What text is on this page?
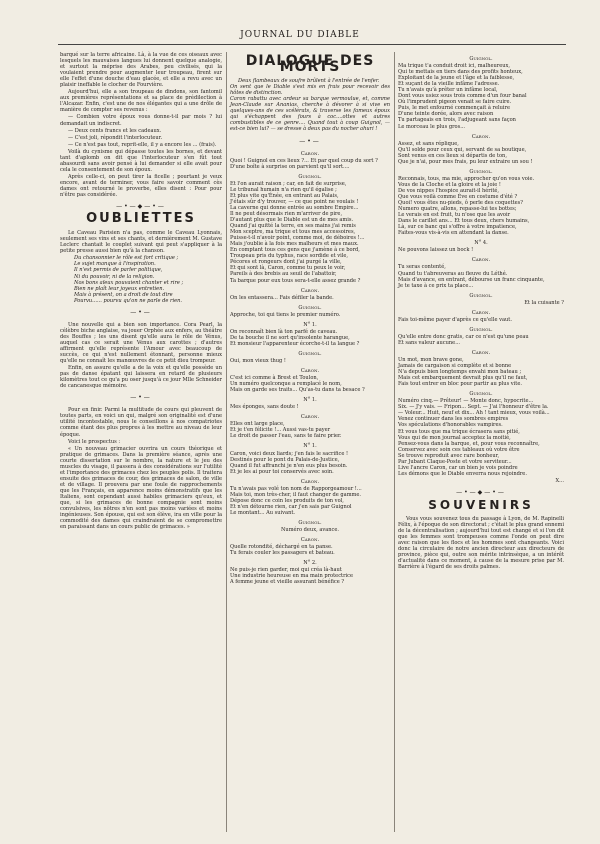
JOURNAL DU DIABLE

barqué sur la terre africaine. Là, à la vue de ces oiseaux avec lesquels les mauvaises langues lui donnent quelque analogie, et surtout la méprise des Arabes, peu civilisés, qui la voulaient prendre pour augmenter leur troupeau, firent sur elle l'effet d'une douche d'eau glacée, et elle a revu avec un plaisir ineffable le clocher de Fourvière.

Aujourd'hui, elle a son troupeau de dindons, son fantomil aux premières représentations et sa place de prédilection à l'Alcazar. Enfin, c'est une de nos élégantes qui a une drôle de manière de compter ses revenus :

— Combien votre époux vous donne-t-il par mois ? lui demandait un indiscret.

— Deux cents francs et les cadeaux.

— C'est joli, répondit l'interlocuteur.

— Ce n'est pas tout, reprit-elle, il y a encore les ... (frais).

Voilà du cynisme qui dépasse toutes les bornes, et devant tant d'aplomb on dit que l'interlocuteur s'en fût tout abasourdi sans avoir pensé à lui demander si elle avait pour cela le consentement de son époux.

Après celle-ci, on peut tirer la ficelle ; pourtant je veux encore, avant de terminer, vous faire savoir comment cès dames ont retourné le proverbe, elles disent : Pour pour n'être pas considérée.

—•—◆—•—
OUBLIETTES

Le Caveau Parisien n'a pas, comme le Caveau Lyonnais, seulement ses vins et ses chants, et dernièrement M. Gustave Leclerc chantait le couplet suivant qui peut s'appliquer à la petite presse aussi bien qu'à la chanson.

Du chansonnier le rôle est fort critique ;

Le sujet manque à l'inspiration.

Il n'est permis de parler politique,

Ni du pouvoir, ni de la religion.

Nos bons aïeux pouvaient chanter et rire ;

Bien ne plaît leur joyeux entretien.

Mais à présent, on a droit de tout dire

Pourvu...... pourvu qu'on ne parle de rien.

—•—

Une nouvelle qui a bien son importance. Cora Pearl, la célèbre biche anglaise, va jouer Orphée aux enfers, au théâtre des Bouffes ; les uns disent qu'elle aura le rôle de Vénus, auquel cas ce serait une Vénus aux carottes ; d'autres affirment qu'elle représente l'Amour avec beaucoup de succès, ce qui n'est nullement étonnant, personne mieux qu'elle ne connaît les manœuvres de ce petit dieu trompeur.

Enfin, on assure qu'elle a de la voix et qu'elle possède un pas de danse épatant qui laissera en retard de plusieurs kilomètres tout ce qu'a pu oser jusqu'à ce jour Mlle Schneider de cancanesque mémoire.

—•—

Pour en finir. Parmi la multitude de cours qui pleuvent de toutes parts, en voici un qui, malgré son originalité est d'une utilité incontestable, nous le conseillons à nos compatriotes comme étant des plus propres à les mettre au niveau de leur époque.

Voici le prospectus :

« Un nouveau grimacier ouvrira un cours théorique et pratique de grimaces. Dans la première séance, après une courte dissertation sur le nombre, la nature et le jeu des muscles du visage, il passera à des considérations sur l'utilité et l'importance des grimaces chez les peuples polis. Il traitera ensuite des grimaces de cour, des grimaces de salon, de ville et de village. Il prouvera par une foule de rapprochements que les Français, en apparence moins démonstratifs que les Italiens, sont cependant aussi habiles grimaciers qu'eux, et que, si les grimaces de bonne compagnie sont moins convulsives, les nôtres n'en sont pas moins variées et moins ingénieuses. Son épouse, qui est son élève, ira en ville pour la commodité des dames qui craindraient de se compromettre en paraissant dans un cours public de grimaces. »

DIALOGUE DES MORTS

Deux flambeaux de soufre brûlent à l'entrée de l'enfer.
On sent que le Diable s'est mis en frais pour recevoir des hôtes de distinction.
Caron rabattu avec ardeur sa barque vermoulue, et, comme Jean-Claude sur Ananias, cherche à dévorer à si vive en quelques-uns de ces scélérats, & traverse les fameux époux qui s'échappent des fours à coc....ottes et autres combustibles de ce genre.... Quand tout à coup Guignol, — est-ce bien lui? — se dresse à deux pas du nocher ahuri !

—•—
Caron.

Quoi ! Guignol en ces lieux ?... Et par quel coup du sort ?
D'une boîte à surprise on parvient qu'il sort....

Guignol.

Et l'on aurait raison ; car, en fait de surprise,
Le tribunal humain n'a rien qu'il égalise ;
Et plus vite qu'Énée, en entrant au Palais,
J'étais sûr d'y trouver, — ce que point ne voulais !
La caverne qui donne entrée au sombre Empire...
Il ne peut désormais rien m'arriver de pire,
D'autant plus que le Diable est un de mes amis.
Quand j'ai quitté la terre, en ses mains j'ai remis
Mon sceptre, ma trique et tous mes accessoires,
Puisse-t-il n'avoir point, comme moi, de déboires !...
Mais j'oublie à la fois mes malheurs et mes maux.
En comptant tous ces gens que j'amène à ce bord,
Troupeau pris du typhus, race sordide et vile,
Pécores et rongeurs dont j'ai purgé la ville,
Et qui sont là, Caron, comme tu peux le voir,
Pareils à des brebis au seuil de l'abattoir,
Ta barque pour eux tous sera-t-elle assez grande ?

Caron.

On les entassera... Fais défiler la bande.

Guignol.

Approche, toi qui tiens le premier numéro.

N° 1.

On reconnaît bien là ton parfé de caveau.
De ta bouche il ne sort qu'insolente harangue,
Et monsieur l'apparenteur écorche-t-il ta langue ?

Guignol.

Oui, mon vieux thug !

Caron.

C'est ici comme à Brest et Toulon,
Un numéro quelconque a remplacé le nom,
Mais on garde ses traits... Qu'as-tu dans ta besace ?

N° 1.

Mes éponges, sans doute !

Caron.

Elles ont large place,
Et je t'en félicite !... Aussi vas-tu payer
Le droit de passer l'eau, sans te faire prier.

N° 1.

Caron, voici deux liards; j'en fais le sacrifice !
Destinés pour le pont du Palais-de-Justice,
Quand il fut affranchi je n'en eus plus besoin.
Et je les ai pour toi conservés avec soin.

Caron.

Tu n'avais pas volé ton nom de Rapporgeamour !...
Mais toi, mon très-cher, il faut changer de gamme.
Dépose donc ce coin les produits de ton vol,
Et n'en détourne rien, car j'en sais par Guignol
Le montant... Au suivant.

Guignol.

Numéro deux, avance.

Caron.

Quelle rotondité, déchargé en ta panse.
Tu ferais couler les passagers et bateau.

N° 2.

Ne puis-je rien garder, moi qui créa là-haut
Une industrie heureuse en ma main protectrice
A femme jeune et vieille assurant bénéfice ?

Guignol.

Ma trique t'a conduit droit ici, malheureux,
Qui te mettais en tiers dans des profits honteux,
Exploitant de la jeune et l'âge et la faiblesse,
Et suçant de la vieille infâme l'adresse.
Tu n'avais qu'à prêter un infâme local,
Dont vous usiez sous trois comme d'un four banal
Où l'imprudent pigeon venait se faire cuire.
Puis, le met enfourné commençait à reluire
D'une teinte dorée, alors avec raison
Tu partageais en trois, l'adjugeant sans façon
Le morceau le plus gros...

Caron.

Assez, et sans réplique,
Qu'il solde pour ceux qui, servant de sa boutique,
Sont venus en ces lieux si départis de ton,
Que je n'ai, pour mes frais, pu leur extraire un sou !

Guignol.

Reconnais, tous, ma mie, approcher qu'on vous voie.
Vous de la Cloche et la gloire et la joie !
De vos nippes l'hospice aurait-il hérité,
Que vous voilà comme Ève en costume d'été ?
Quoi! vous êtes nu-pieds, ô perle des coquettes?
Numero quatre, allons, repasse-lui tes bottes;
Le verais en est fruit, tu n'ose que les avoir
Dans le carillet ans... Et tous deux, chers humains,
Là, sur ce banc qui s'offre à votre impatience,
Faites-vous vis-à-vis en attendant la danse.

N° 4.

Ne pouvons laissez un bock !

Caron.

Tu seras contenté,
Quand tu t'abreuveras au fleuve du Léthé.
Mais d'avance, en entrant, débourse un franc cinquante,
Je te taxe à ce prix ta place...

Guignol.

Et la cuisante ?

Caron.

Fais toi-même payer d'après ce qu'elle vaut.

Guignol.

Qu'elle entre donc gratis, car ce n'est qu'une peau
Et sans valeur aucune...

Caron.

Un mot, mon brave gone,
Jamais de cargaison si complète et si bonne
N'a depuis bien longtemps envahi mon bateau ;
Mais cet embarquement devrait plus qu'il ne faut,
Fais tout entrer en bloc pour partir au plus vite.

Guignol.

Numéro cinq.— Prêteur! — Monte donc, hypocrite...
Six. — J'y vais. — Fripon... Sept. — J'ai l'honneur d'être la.
— Voleur... Huit, neuf et dix... Ah ! tant mieux, vous voilà...
Venez continuer dans les sombres empires
Vos spéculations d'honorables vampires.
Et vous tous que ma trique écrasera sans pitié,
Vous qui de mon journal acceptez la moitié,
Pensez-vous dans la barque, et, pour vous reconnaître,
Conservez avec soin ces tableaux où votre être
Se trouve reproduit avec rare bonheur,
Par Jubant Claque-Poste et votre serviteur...
Live l'ancre Caron, car un bien je vois poindre
Les démons que le Diable enverra nous rejoindre.

X...

—•—◆—•—
SOUVENIRS

Vous vous souvenez tous du passage à Lyon, de M. Rapinelli Félix, à l'époque de son directorat ; c'était le plus grand ennemi de la décentralisation ; aujourd'hui tout est changé et si l'on dit que les femmes sont trompeuses comme l'onde on peut dire avec raison que les flocs et les hommes sont changeants. Voici donc la circulaire de notre ancien directeur aux directeurs de province, pièce qui, outre son mérite intrinsèque, a un intérêt d'actualité dans ce moment, à cause de la mesure prise par M. Barrière à l'égard de ses droits palmes.
